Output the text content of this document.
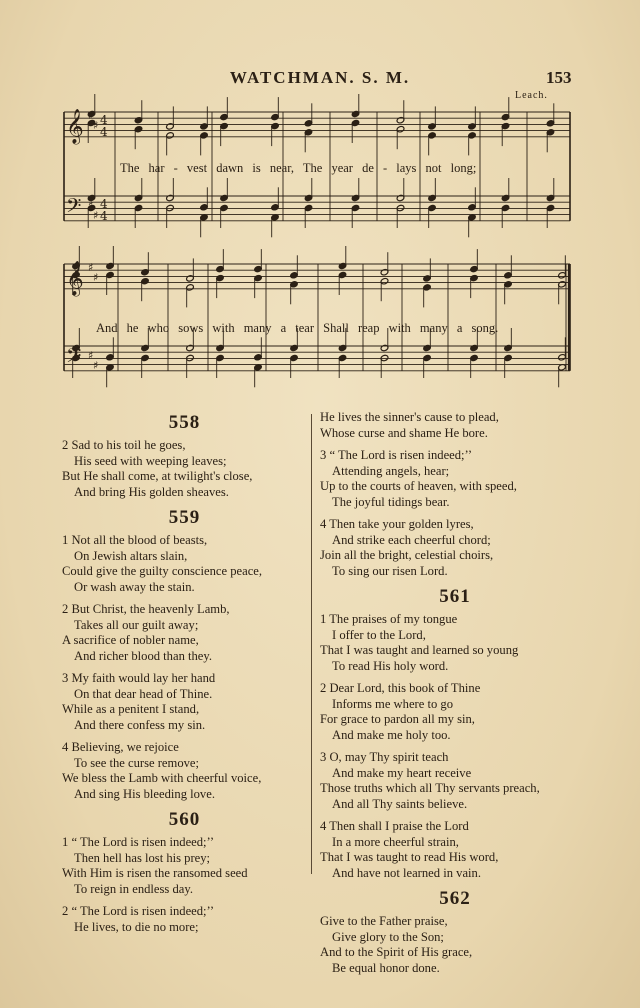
WATCHMAN. S. M.	153
Leach.
𝄞
𝄢
♯
♯
♯
♯
4
4
4
4
𝄞
𝄢
♯
♯
♯
♯
The har - vest dawn is near, The year de - lays not long;
And he who sows with many a tear Shall reap with many a song.
558
2 Sad to his toil he goes,
His seed with weeping leaves;
But He shall come, at twilight's close,
And bring His golden sheaves.
559
1 Not all the blood of beasts,
On Jewish altars slain,
Could give the guilty conscience peace,
Or wash away the stain.
2 But Christ, the heavenly Lamb,
Takes all our guilt away;
A sacrifice of nobler name,
And richer blood than they.
3 My faith would lay her hand
On that dear head of Thine.
While as a penitent I stand,
And there confess my sin.
4 Believing, we rejoice
To see the curse remove;
We bless the Lamb with cheerful voice,
And sing His bleeding love.
560
1 “ The Lord is risen indeed;’’
Then hell has lost his prey;
With Him is risen the ransomed seed
To reign in endless day.
2 “ The Lord is risen indeed;’’
He lives, to die no more;
He lives the sinner's cause to plead,
Whose curse and shame He bore.
3 “ The Lord is risen indeed;’’
Attending angels, hear;
Up to the courts of heaven, with speed,
The joyful tidings bear.
4 Then take your golden lyres,
And strike each cheerful chord;
Join all the bright, celestial choirs,
To sing our risen Lord.
561
1 The praises of my tongue
I offer to the Lord,
That I was taught and learned so young
To read His holy word.
2 Dear Lord, this book of Thine
Informs me where to go
For grace to pardon all my sin,
And make me holy too.
3 O, may Thy spirit teach
And make my heart receive
Those truths which all Thy servants preach,
And all Thy saints believe.
4 Then shall I praise the Lord
In a more cheerful strain,
That I was taught to read His word,
And have not learned in vain.
562
Give to the Father praise,
Give glory to the Son;
And to the Spirit of His grace,
Be equal honor done.
